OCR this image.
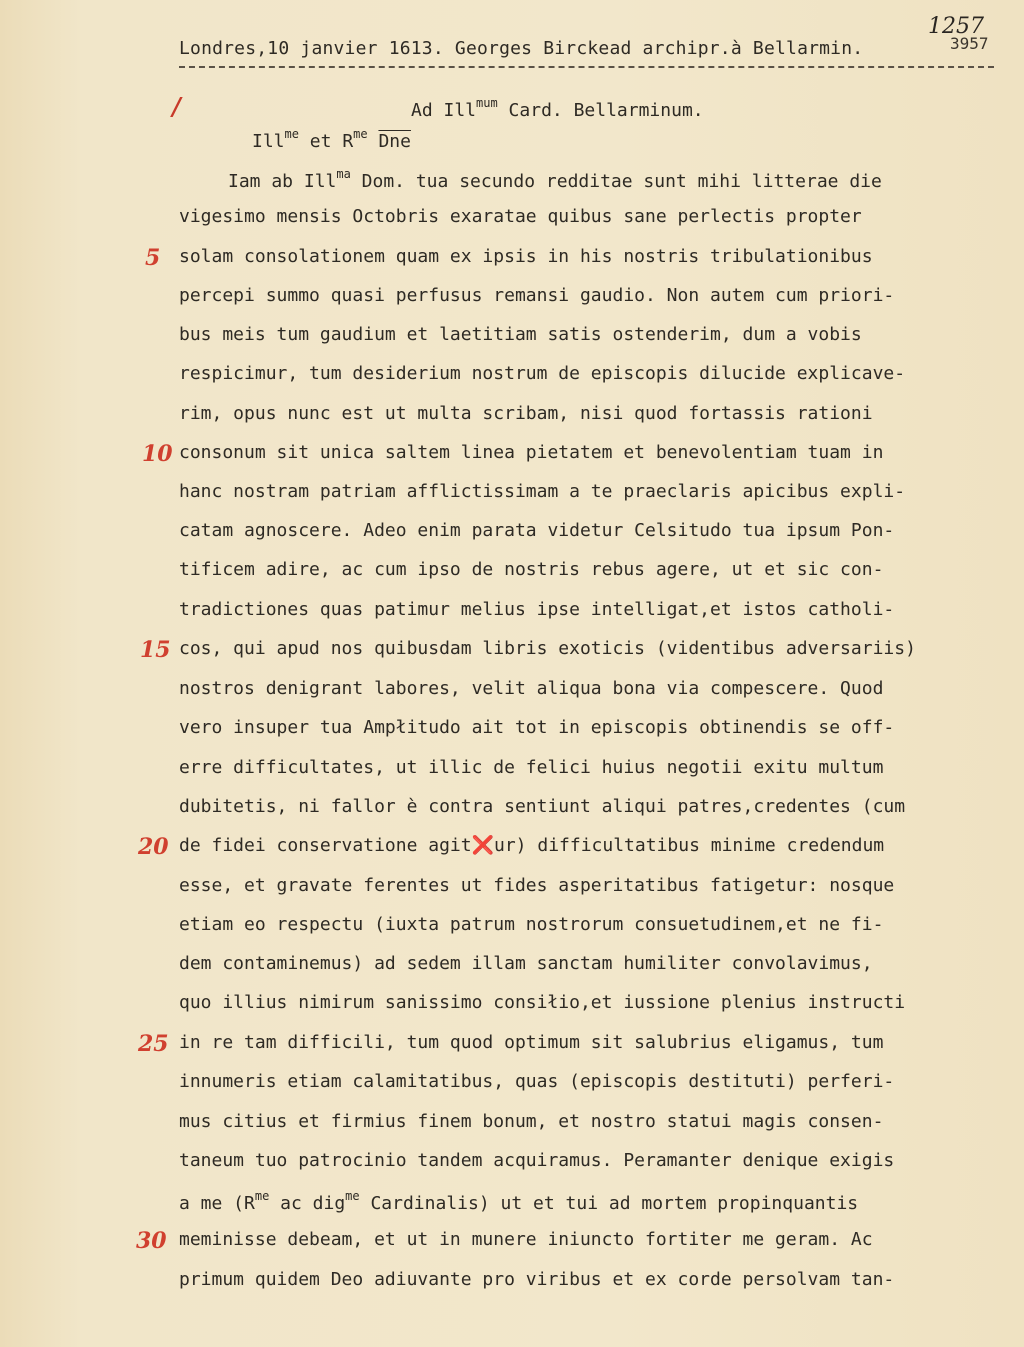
Londres,10 janvier 1613. Georges Birckead archipr.à Bellarmin.
1257
3957
/	Ad Ill$^{mum}$ Card. Bellarminum.
Ill$^{me}$ et $R^{me}$ $\overline{Dne}$
Iam ab Ill$^{ma}$ Dom. tua secundo redditae sunt mihi litterae die
vigesimo mensis Octobris exaratae quibus sane perlectis propter
solam consolationem quam ex ipsis in his nostris tribulationibus
percepi summo quasi perfusus remansi gaudio. Non autem cum priori-
bus meis tum gaudium et laetitiam satis ostenderim, dum a vobis
respicimur, tum desiderium nostrum de episcopis dilucide explicave-
rim, opus nunc est ut multa scribam, nisi quod fortassis rationi
consonum sit unica saltem linea pietatem et benevolentiam tuam in
hanc nostram patriam afflictissimam a te praeclaris apicibus expli-
catam agnoscere. Adeo enim parata videtur Celsitudo tua ipsum Pon-
tificem adire, ac cum ipso de nostris rebus agere, ut et sic con-
tradictiones quas patimur melius ipse intelligat,et istos catholi-
cos, qui apud nos quibusdam libris exoticis (videntibus adversariis)
nostros denigrant labores, velit aliqua bona via compescere. Quod
vero insuper tua Ampłitudo ait tot in episcopis obtinendis se off-
erre difficultates, ut illic de felici huius negotii exitu multum
dubitetis, ni fallor è contra sentiunt aliqui patres,credentes (cum
de fidei conservatione agit❌ur) difficultatibus minime credendum
esse, et gravate ferentes ut fides asperitatibus fatigetur: nosque
etiam eo respectu (iuxta patrum nostrorum consuetudinem,et ne fi-
dem contaminemus) ad sedem illam sanctam humiliter convolavimus,
quo illius nimirum sanissimo consiłio,et iussione plenius instructi
in re tam difficili, tum quod optimum sit salubrius eligamus, tum
innumeris etiam calamitatibus, quas (episcopis destituti) perferi-
mus citius et firmius finem bonum, et nostro statui magis consen-
taneum tuo patrocinio tandem acquiramus. Peramanter denique exigis
a me ($R^{me}$ ac dig$^{me}$ Cardinalis) ut et tui ad mortem propinquantis
meminisse debeam, et ut in munere iniuncto fortiter me geram. Ac
primum quidem Deo adiuvante pro viribus et ex corde persolvam tan-
5
10
15
20
25
30
